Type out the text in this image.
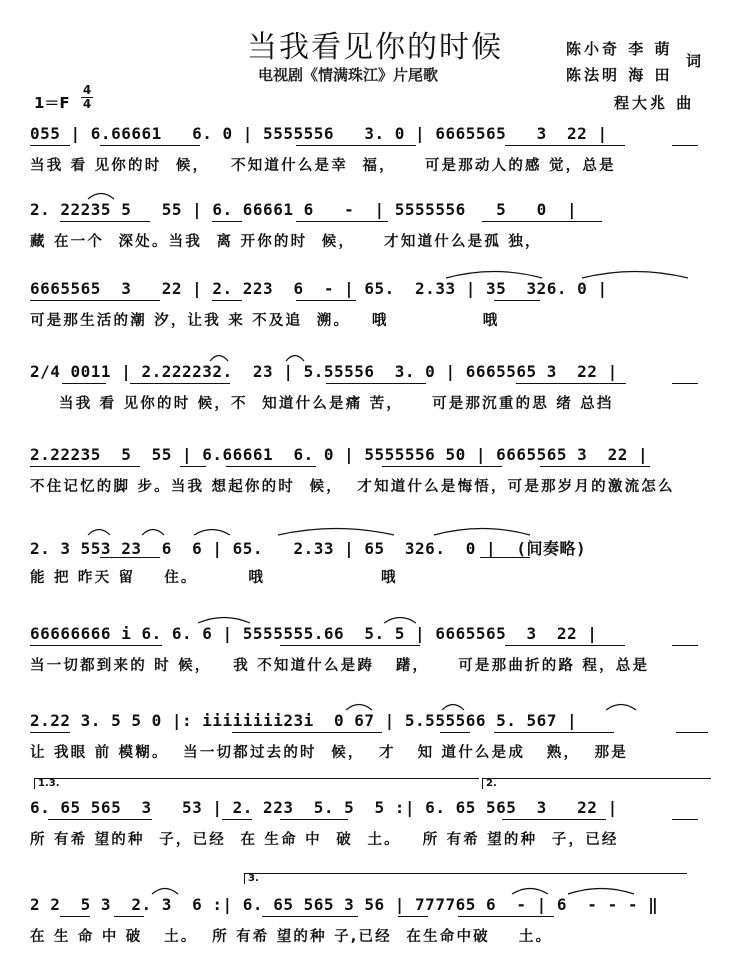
当我看见你的时候
电视剧《情满珠江》片尾歌
陈小奇 李 萌
词
陈法明 海 田
程大兆 曲
1＝F
4
4
055 | 6.66661   6. 0 | 5555556   3. 0 | 6665565   3  22 |
当我 看 见你的时  候，   不知道什么是幸  福，    可是那动人的感 觉，总是
2. 22235 5   55 | 6. 66661 6   -  | 5555556   5   0  |
藏 在一个  深处。当我  离 开你的时  候，    才知道什么是孤 独，
6665565  3   22 | 2. 223  6  - | 65.  2.33 | 35  326. 0 |
可是那生活的潮 汐，让我 来 不及追  溯。   哦             哦
2/4 0011 | 2.222232.  23 | 5.55556  3. 0 | 6665565 3  22 |
当我 看 见你的时 候，不  知道什么是痛 苦，    可是那沉重的思 绪 总挡
2.22235  5  55 | 6.66661  6. 0 | 5555556 50 | 6665565 3  22 |
不住记忆的脚 步。当我 想起你的时  候，  才知道什么是悔悟，可是那岁月的激流怎么
2. 3 553 23  6  6 | 65.   2.33 | 65  326.  0 |  (间奏略)
能 把 昨天 留    住。       哦                哦
66666666 i 6. 6. 6 | 5555555.66  5. 5 | 6665565  3  22 |
当一切都到来的 时 候，   我 不知道什么是踌   躇，    可是那曲折的路 程，总是
2.22 3. 5 5 0 |: iiiiiiii23i  0 67 | 5.555566 5. 567 |
让 我眼 前 模糊。  当一切都过去的时  候，  才   知 道什么是成   熟，  那是
1.3.	2.
6. 65 565  3   53 | 2. 223  5. 5  5 :| 6. 65 565  3   22 |
所 有希 望的种  子，已经  在 生命 中  破  土。   所 有希 望的种  子，已经
3.
2 2  5 3  2. 3  6 :| 6. 65 565 3 56 | 777765 6  - | 6  - - - ‖
在 生 命 中 破   土。  所 有希 望的种 子,已经  在生命中破    土。
